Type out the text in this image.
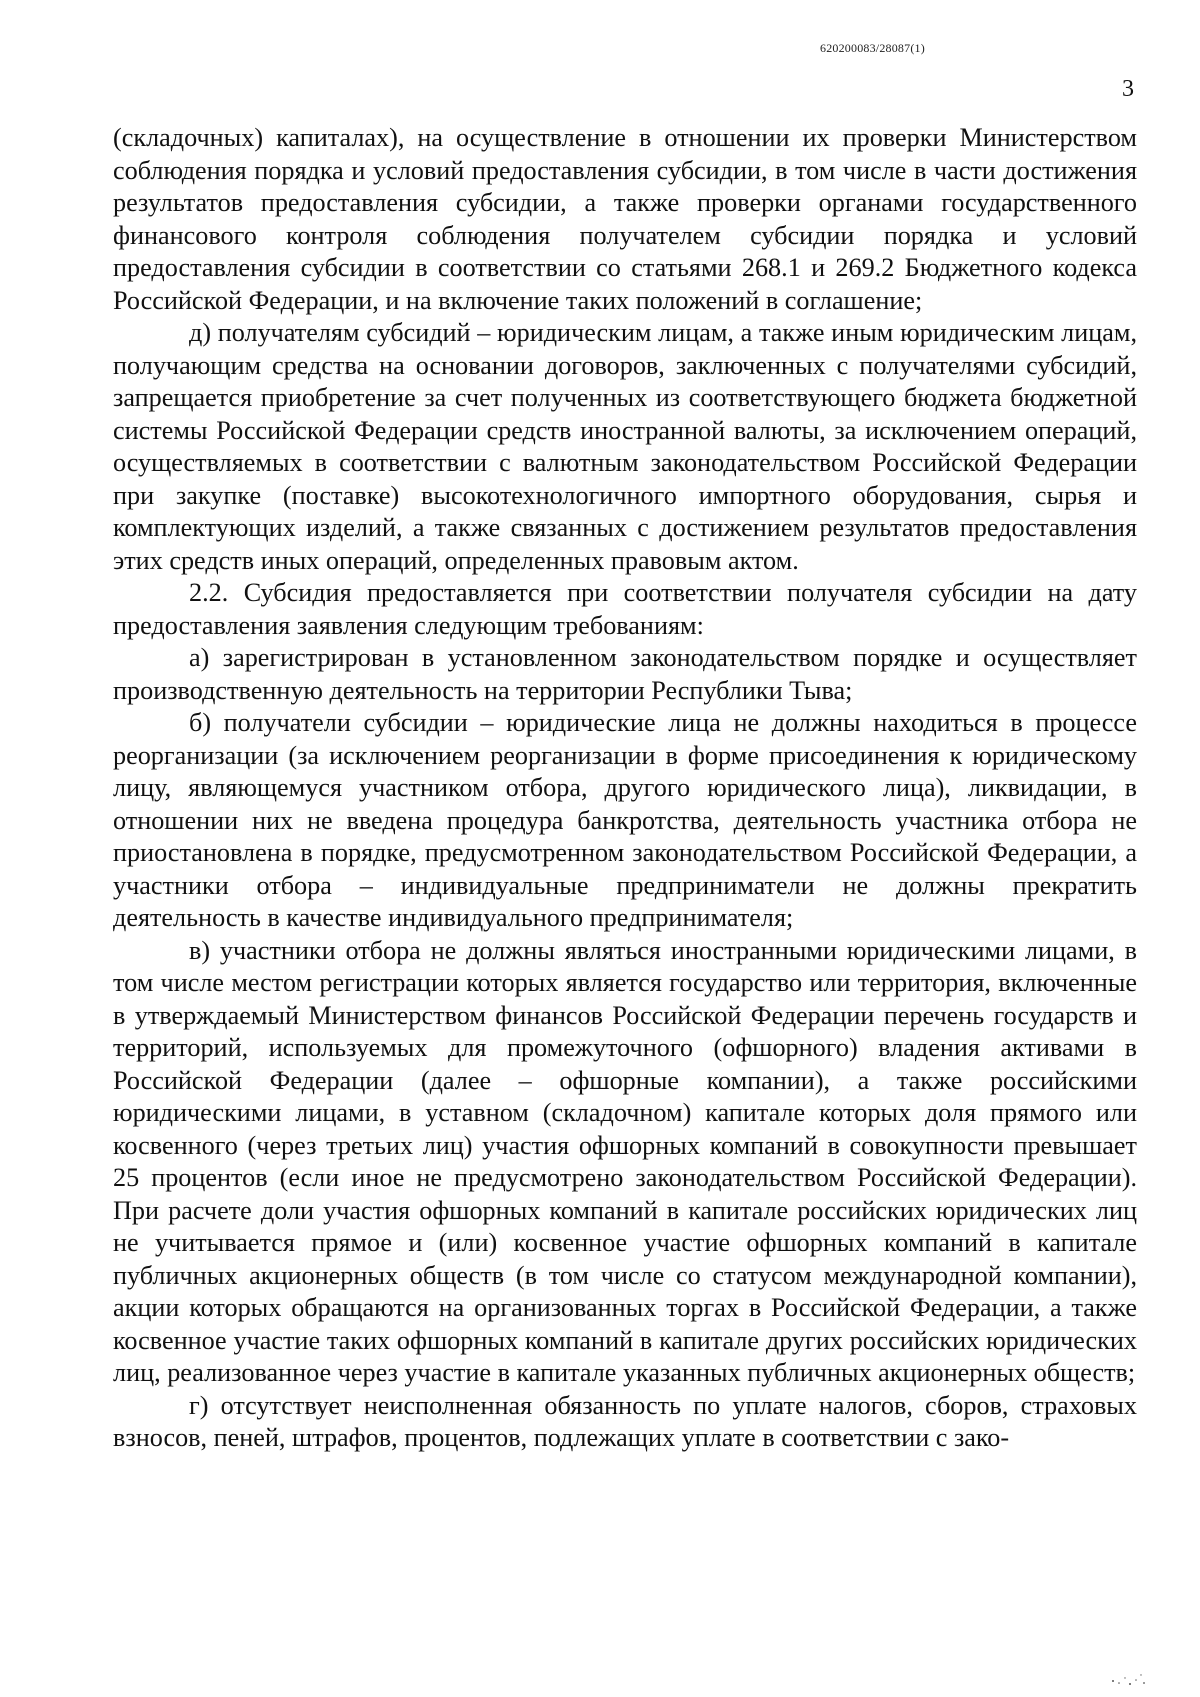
620200083/28087(1)
3

(складочных) капиталах), на осуществление в отношении их проверки Министерством соблюдения порядка и условий предоставления субсидии, в том числе в части достижения результатов предоставления субсидии, а также проверки органами государственного финансового контроля соблюдения получателем субсидии порядка и условий предоставления субсидии в соответствии со статьями 268.1 и 269.2 Бюджетного кодекса Российской Федерации, и на включение таких положений в соглашение;

д) получателям субсидий – юридическим лицам, а также иным юридическим лицам, получающим средства на основании договоров, заключенных с получателями субсидий, запрещается приобретение за счет полученных из соответствующего бюджета бюджетной системы Российской Федерации средств иностранной валюты, за исключением операций, осуществляемых в соответствии с валютным законодательством Российской Федерации при закупке (поставке) высокотехнологичного импортного оборудования, сырья и комплектующих изделий, а также связанных с достижением результатов предоставления этих средств иных операций, определенных правовым актом.

2.2. Субсидия предоставляется при соответствии получателя субсидии на дату предоставления заявления следующим требованиям:

а) зарегистрирован в установленном законодательством порядке и осуществляет производственную деятельность на территории Республики Тыва;

б) получатели субсидии – юридические лица не должны находиться в процессе реорганизации (за исключением реорганизации в форме присоединения к юридическому лицу, являющемуся участником отбора, другого юридического лица), ликвидации, в отношении них не введена процедура банкротства, деятельность участника отбора не приостановлена в порядке, предусмотренном законодательством Российской Федерации, а участники отбора – индивидуальные предприниматели не должны прекратить деятельность в качестве индивидуального предпринимателя;

в) участники отбора не должны являться иностранными юридическими лицами, в том числе местом регистрации которых является государство или территория, включенные в утверждаемый Министерством финансов Российской Федерации перечень государств и территорий, используемых для промежуточного (офшорного) владения активами в Российской Федерации (далее – офшорные компании), а также российскими юридическими лицами, в уставном (складочном) капитале которых доля прямого или косвенного (через третьих лиц) участия офшорных компаний в совокупности превышает 25 процентов (если иное не предусмотрено законодательством Российской Федерации). При расчете доли участия офшорных компаний в капитале российских юридических лиц не учитывается прямое и (или) косвенное участие офшорных компаний в капитале публичных акционерных обществ (в том числе со статусом международной компании), акции которых обращаются на организованных торгах в Российской Федерации, а также косвенное участие таких офшорных компаний в капитале других российских юридических лиц, реализованное через участие в капитале указанных публичных акционерных обществ;

г) отсутствует неисполненная обязанность по уплате налогов, сборов, страховых взносов, пеней, штрафов, процентов, подлежащих уплате в соответствии с зако-
